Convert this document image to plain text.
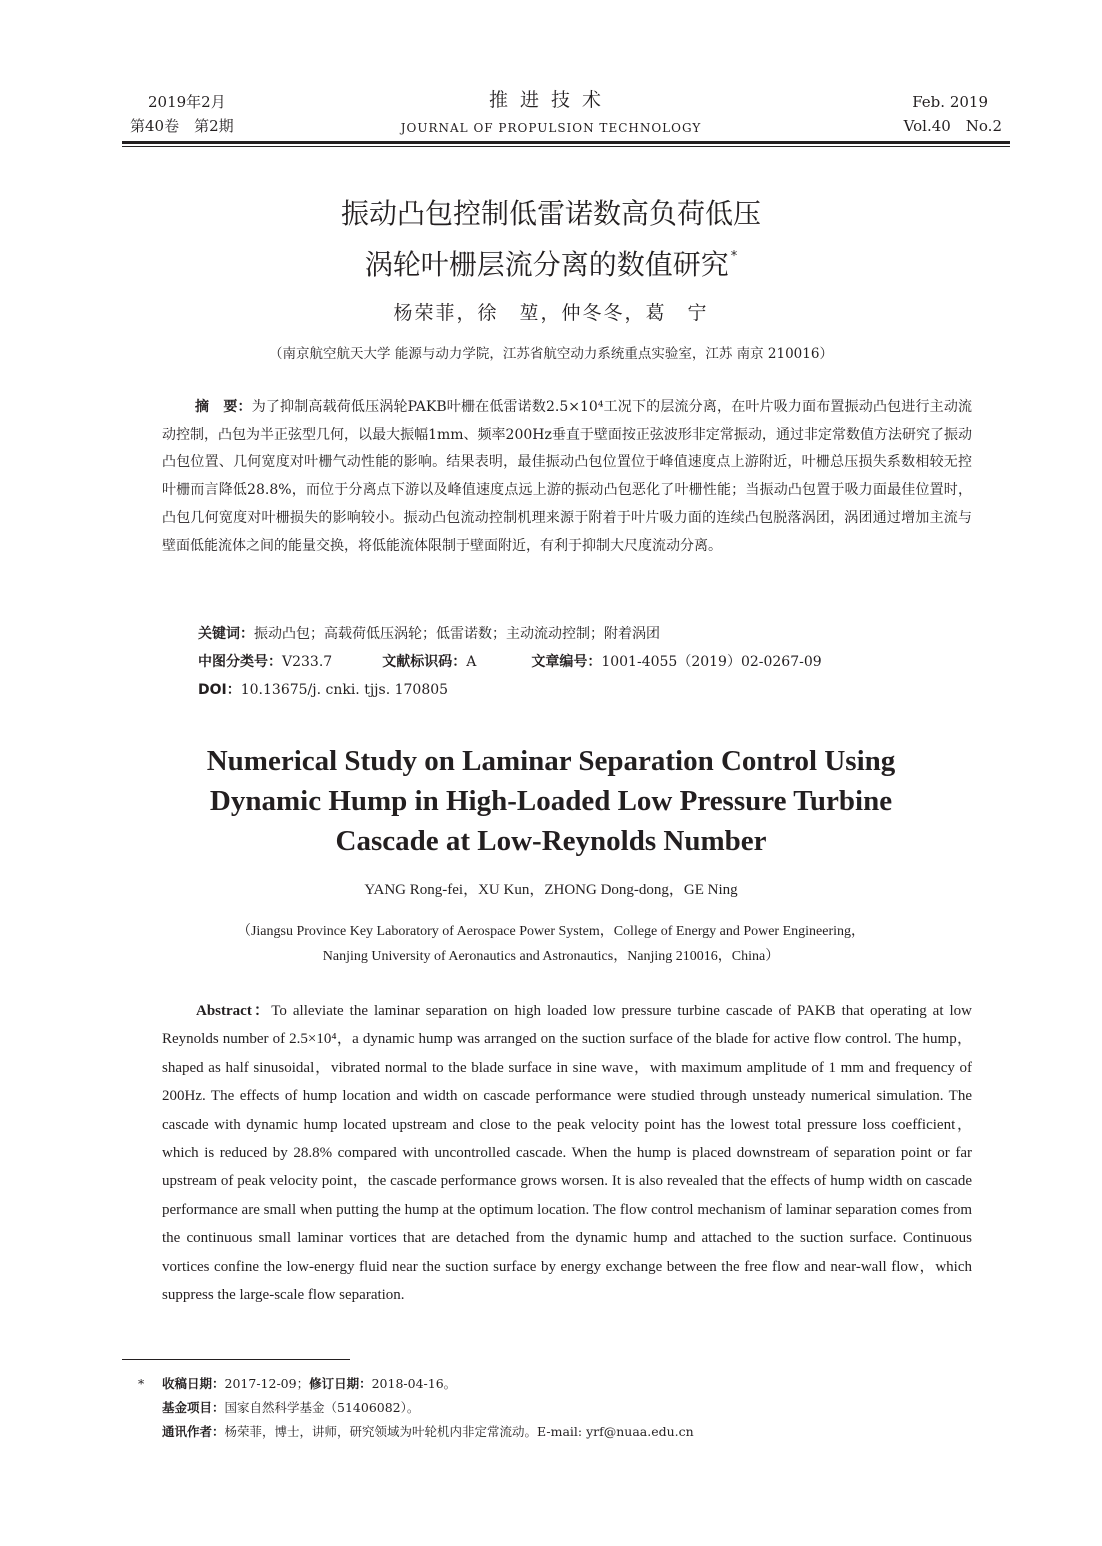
2019年2月
第40卷　第2期
推进技术
JOURNAL OF PROPULSION TECHNOLOGY
Feb. 2019
Vol.40　No.2
振动凸包控制低雷诺数高负荷低压
涡轮叶栅层流分离的数值研究 *
杨荣菲，徐　堃，仲冬冬，葛　宁
（南京航空航天大学 能源与动力学院，江苏省航空动力系统重点实验室，江苏 南京 210016）
摘　要：为了抑制高载荷低压涡轮PAKB叶栅在低雷诺数2.5×10⁴工况下的层流分离，在叶片吸力面布置振动凸包进行主动流动控制，凸包为半正弦型几何，以最大振幅1mm、频率200Hz垂直于壁面按正弦波形非定常振动，通过非定常数值方法研究了振动凸包位置、几何宽度对叶栅气动性能的影响。结果表明，最佳振动凸包位置位于峰值速度点上游附近，叶栅总压损失系数相较无控叶栅而言降低28.8%，而位于分离点下游以及峰值速度点远上游的振动凸包恶化了叶栅性能；当振动凸包置于吸力面最佳位置时，凸包几何宽度对叶栅损失的影响较小。振动凸包流动控制机理来源于附着于叶片吸力面的连续凸包脱落涡团，涡团通过增加主流与壁面低能流体之间的能量交换，将低能流体限制于壁面附近，有利于抑制大尺度流动分离。
关键词：振动凸包；高载荷低压涡轮；低雷诺数；主动流动控制；附着涡团
中图分类号：V233.7	文献标识码：A	文章编号：1001-4055（2019）02-0267-09
DOI：10.13675/j. cnki. tjjs. 170805
Numerical Study on Laminar Separation Control Using
Dynamic Hump in High-Loaded Low Pressure Turbine
Cascade at Low-Reynolds Number
YANG Rong-fei，XU Kun，ZHONG Dong-dong，GE Ning
（Jiangsu Province Key Laboratory of Aerospace Power System，College of Energy and Power Engineering，
Nanjing University of Aeronautics and Astronautics，Nanjing 210016，China）
Abstract：To alleviate the laminar separation on high loaded low pressure turbine cascade of PAKB that operating at low Reynolds number of 2.5×10⁴，a dynamic hump was arranged on the suction surface of the blade for active flow control. The hump，shaped as half sinusoidal，vibrated normal to the blade surface in sine wave，with maximum amplitude of 1 mm and frequency of 200Hz. The effects of hump location and width on cascade performance were studied through unsteady numerical simulation. The cascade with dynamic hump located upstream and close to the peak velocity point has the lowest total pressure loss coefficient，which is reduced by 28.8% compared with uncontrolled cascade. When the hump is placed downstream of separation point or far upstream of peak velocity point，the cascade performance grows worsen. It is also revealed that the effects of hump width on cascade performance are small when putting the hump at the optimum location. The flow control mechanism of laminar separation comes from the continuous small laminar vortices that are detached from the dynamic hump and attached to the suction surface. Continuous vortices confine the low-energy fluid near the suction surface by energy exchange between the free flow and near-wall flow，which suppress the large-scale flow separation.
* 收稿日期：2017-12-09；修订日期：2018-04-16。
基金项目：国家自然科学基金（51406082）。
通讯作者：杨荣菲，博士，讲师，研究领域为叶轮机内非定常流动。E-mail: yrf@nuaa.edu.cn
